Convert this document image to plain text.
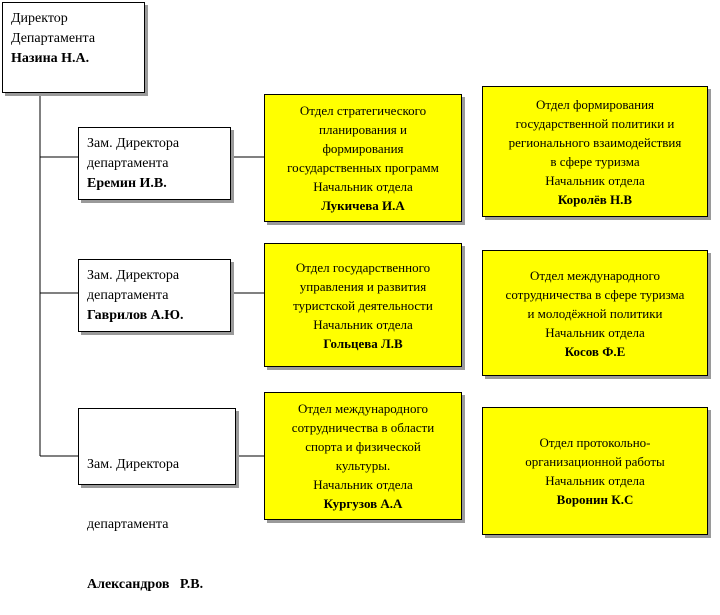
Директор
Департамента
Назина Н.А.
Зам. Директора
департамента
Еремин И.В.
Зам. Директора
департамента
Гаврилов А.Ю.

Зам. Директора

департамента

Александров   Р.В.

Отдел стратегического
планирования и
формирования
государственных программ
Начальник отдела
Лукичева И.А
Отдел государственного
управления и развития
туристской деятельности
Начальник отдела
Гольцева Л.В
Отдел международного
сотрудничества в области
спорта и физической
культуры.
Начальник отдела
Кургузов А.А
Отдел формирования
государственной политики и
регионального взаимодействия
в сфере туризма
Начальник отдела
Королёв Н.В
Отдел международного
сотрудничества в сфере туризма
и молодёжной политики
Начальник отдела
Косов Ф.Е
Отдел протокольно-
организационной работы
Начальник отдела
Воронин К.С
